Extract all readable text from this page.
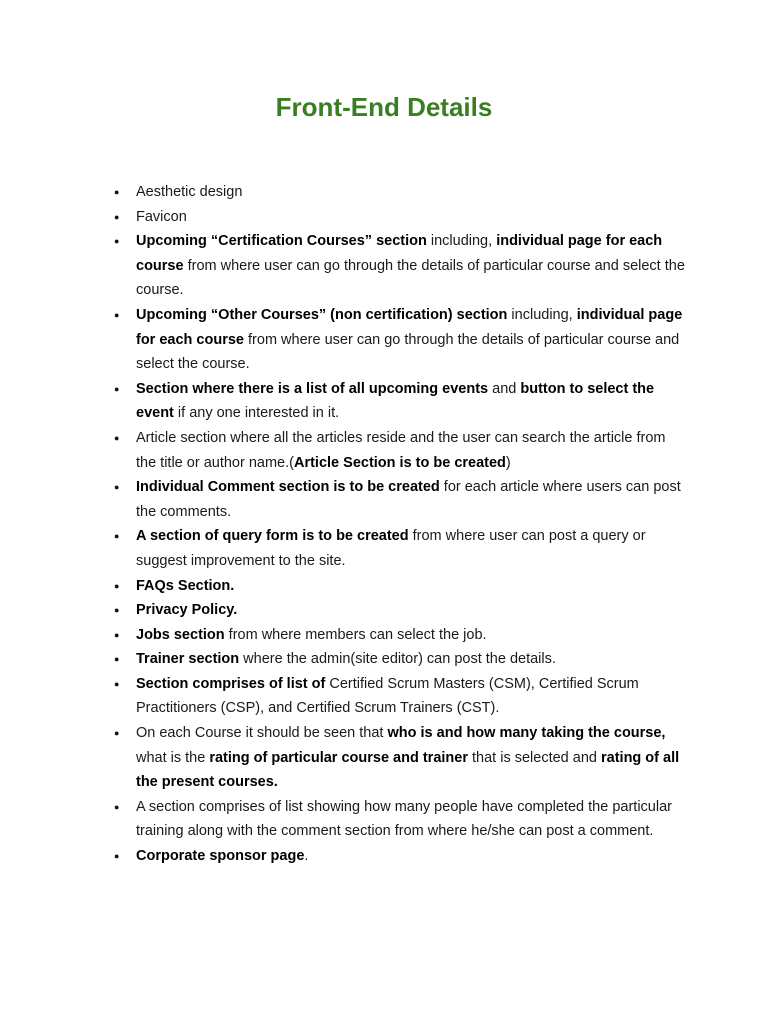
Front-End Details
● Aesthetic design
● Favicon
● Upcoming “Certification Courses” section including, individual page for each course from where user can go through the details of particular course and select the course.
● Upcoming “Other Courses” (non certification) section including, individual page for each course from where user can go through the details of particular course and select the course.
● Section where there is a list of all upcoming events and button to select the event if any one interested in it.
● Article section where all the articles reside and the user can search the article from the title or author name.(Article Section is to be created)
● Individual Comment section is to be created for each article where users can post the comments.
● A section of query form is to be created from where user can post a query or suggest improvement to the site.
● FAQs Section.
● Privacy Policy.
● Jobs section from where members can select the job.
● Trainer section where the admin(site editor) can post the details.
● Section comprises of list of Certified Scrum Masters (CSM), Certified Scrum Practitioners (CSP), and Certified Scrum Trainers (CST).
● On each Course it should be seen that who is and how many taking the course, what is the rating of particular course and trainer that is selected and rating of all the present courses.
● A section comprises of list showing how many people have completed the particular training along with the comment section from where he/she can post a comment.
● Corporate sponsor page.
